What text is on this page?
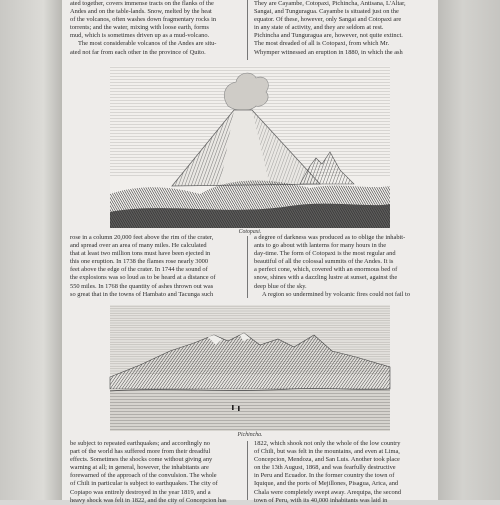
ated together, covers immense tracts on the flanks of the

Andes and on the table-lands. Snow, melted by the heat

of the volcanos, often washes down fragmentary rocks in

torrents; and the water, mixing with loose earth, forms

mud, which is sometimes driven up as a mud-volcano.

The most considerable volcanos of the Andes are situ-

ated not far from each other in the province of Quito.

They are Cayambe, Cotopaxi, Pichincha, Antisana, L'Altar,

Sangai, and Tunguragua. Cayambe is situated just on the

equator. Of these, however, only Sangai and Cotopaxi are

in any state of activity, and they are seldom at rest.

Pichincha and Tunguragua are, however, not quite extinct.

The most dreaded of all is Cotopaxi, from which Mr.

Whymper witnessed an eruption in 1880, in which the ash

Cotopaxi.

rose in a column 20,000 feet above the rim of the crater,

and spread over an area of many miles. He calculated

that at least two million tons must have been ejected in

this one eruption. In 1738 the flames rose nearly 3000

feet above the edge of the crater. In 1744 the sound of

the explosions was so loud as to be heard at a distance of

550 miles. In 1768 the quantity of ashes thrown out was

so great that in the towns of Hambato and Tacunga such

a degree of darkness was produced as to oblige the inhabit-

ants to go about with lanterns for many hours in the

day-time. The form of Cotopaxi is the most regular and

beautiful of all the colossal summits of the Andes. It is

a perfect cone, which, covered with an enormous bed of

snow, shines with a dazzling lustre at sunset, against the

deep blue of the sky.

A region so undermined by volcanic fires could not fail to

Pichincha.

be subject to repeated earthquakes; and accordingly no

part of the world has suffered more from their dreadful

effects. Sometimes the shocks come without giving any

warning at all; in general, however, the inhabitants are

forewarned of the approach of the convulsion. The whole

of Chili in particular is subject to earthquakes. The city of

Copiapo was entirely destroyed in the year 1819, and a

heavy shock was felt in 1822, and the city of Concepcion has

1822, which shook not only the whole of the low country

of Chili, but was felt in the mountains, and even at Lima,

Concepcion, Mendoza, and San Luis. Another took place

on the 13th August, 1868, and was fearfully destructive

in Peru and Ecuador. In the former country the town of

Iquique, and the ports of Mejillones, Pisagua, Arica, and

Chala were completely swept away. Arequipa, the second

town of Peru, with its 40,000 inhabitants was laid in
